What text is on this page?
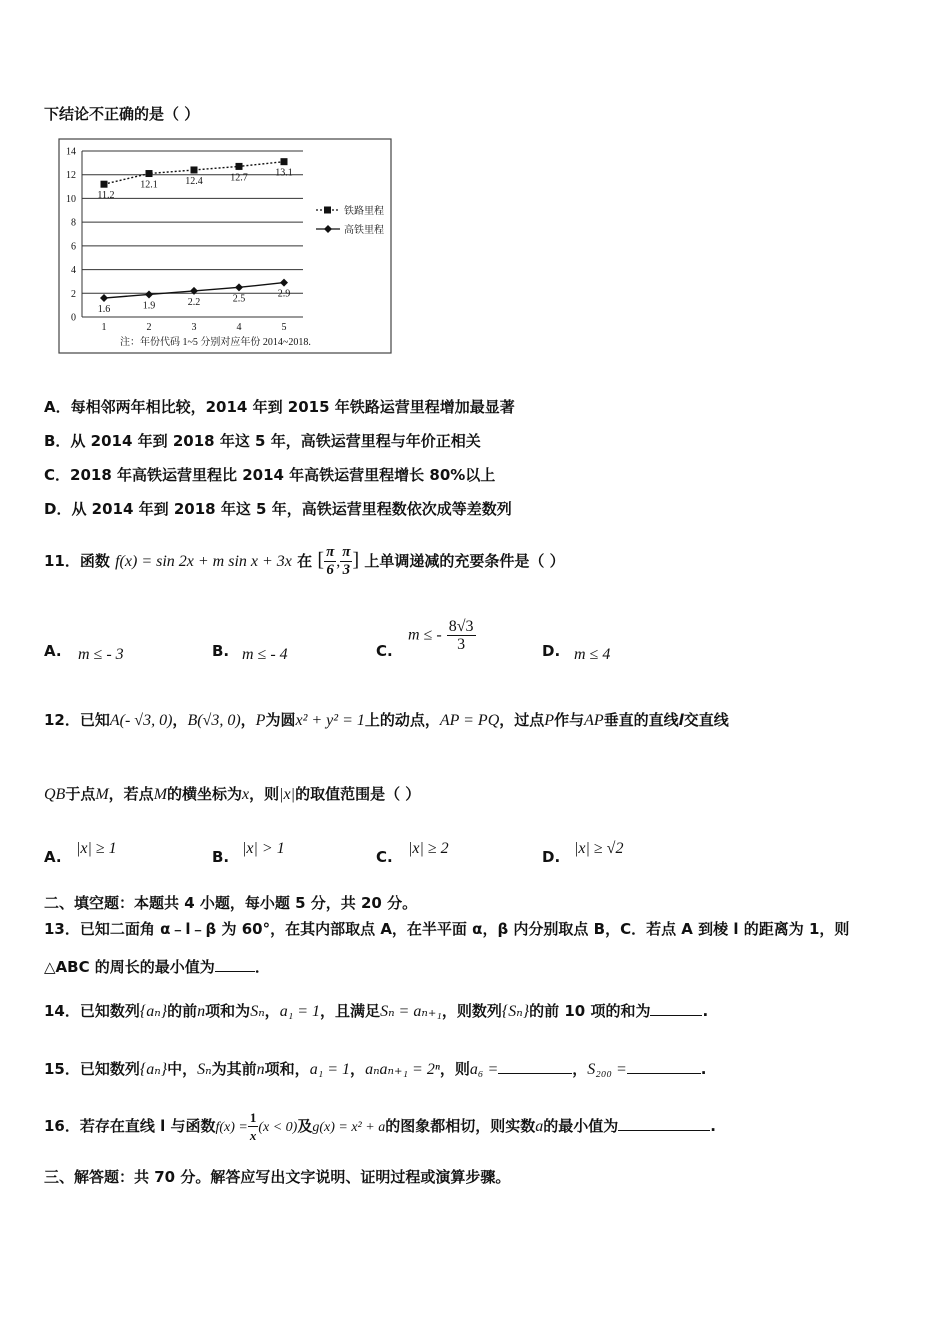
下结论不正确的是（ ）
0
2
4
6
8
10
12
14
1	2	3	4	5
11.2
12.1	12.4	12.7	13.1
1.6	1.9	2.2	2.5	2.9
铁路里程
高铁里程
注：年份代码 1~5 分别对应年份 2014~2018.
A．每相邻两年相比较，2014 年到 2015 年铁路运营里程增加最显著
B．从 2014 年到 2018 年这 5 年，高铁运营里程与年价正相关
C．2018 年高铁运营里程比 2014 年高铁运营里程增长 80%以上
D．从 2014 年到 2018 年这 5 年，高铁运营里程数依次成等差数列
11．函数 f(x) = sin 2x + m sin x + 3x 在 [ $\frac{\pi}{6}$ , $\frac{\pi}{3}$ ] 上单调递减的充要条件是（ ）
A. m ≤ - 3	B. m ≤ - 4	C.
m ≤ - $\frac{8√3}{3}$	D. m ≤ 4
12．已知A(- √3, 0)，B(√3, 0)，P为圆x² + y² = 1上的动点，AP = PQ，过点P作与AP垂直的直线l交直线
QB于点M，若点M的横坐标为x，则|x|的取值范围是（ ）
A. |x| ≥ 1	B. |x| > 1	C. |x| ≥ 2	D. |x| ≥ √2
二、填空题：本题共 4 小题，每小题 5 分，共 20 分。
13．已知二面角 α﹣l﹣β 为 60°，在其内部取点 A，在半平面 α，β 内分别取点 B，C．若点 A 到棱 l 的距离为 1，则
△ABC 的周长的最小值为	．
14．已知数列{aₙ}的前n项和为Sₙ，a₁ = 1，且满足Sₙ = aₙ₊₁，则数列{Sₙ}的前 10 项的和为	.
15．已知数列{aₙ}中，Sₙ为其前n项和，a₁ = 1，aₙaₙ₊₁ = 2ⁿ，则a₆ =	，S₂₀₀ =	.
16．若存在直线 l 与函数$f(x) = \frac{1}{x} (x < 0)$及g(x) = x² + a的图象都相切，则实数a的最小值为	.
三、解答题：共 70 分。解答应写出文字说明、证明过程或演算步骤。
